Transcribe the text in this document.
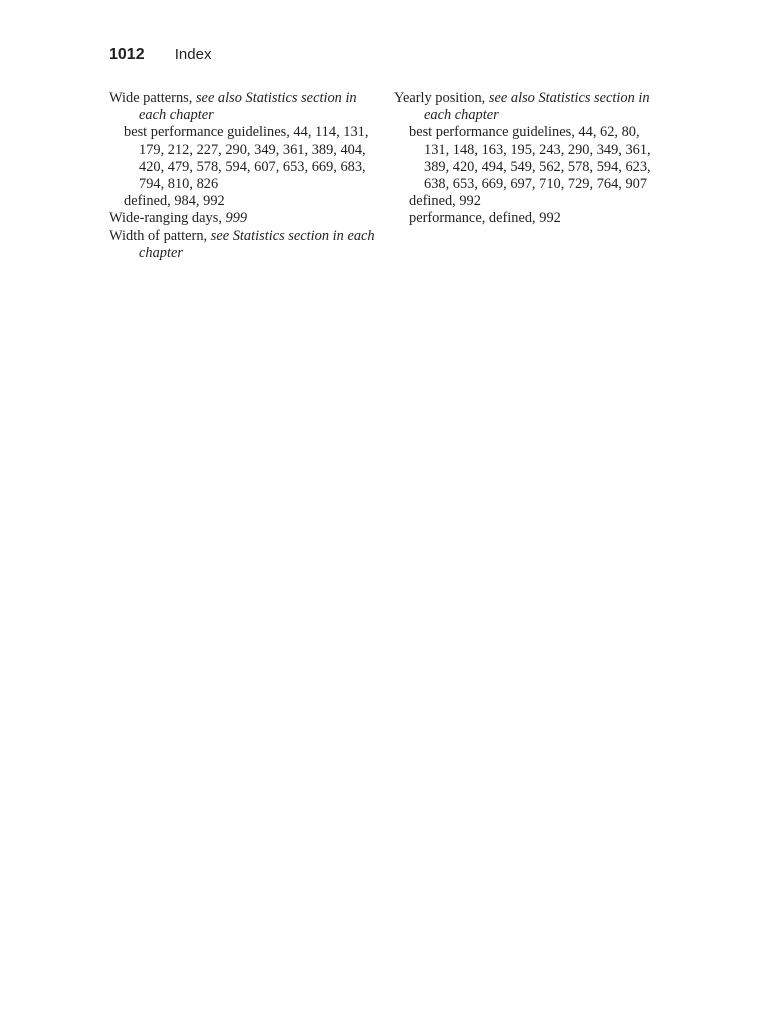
1012 Index

Wide patterns, see also Statistics section in each chapter

best performance guidelines, 44, 114, 131, 179, 212, 227, 290, 349, 361, 389, 404, 420, 479, 578, 594, 607, 653, 669, 683, 794, 810, 826

defined, 984, 992

Wide-ranging days, 999

Width of pattern, see Statistics section in each chapter

Yearly position, see also Statistics section in each chapter

best performance guidelines, 44, 62, 80, 131, 148, 163, 195, 243, 290, 349, 361, 389, 420, 494, 549, 562, 578, 594, 623, 638, 653, 669, 697, 710, 729, 764, 907

defined, 992

performance, defined, 992
